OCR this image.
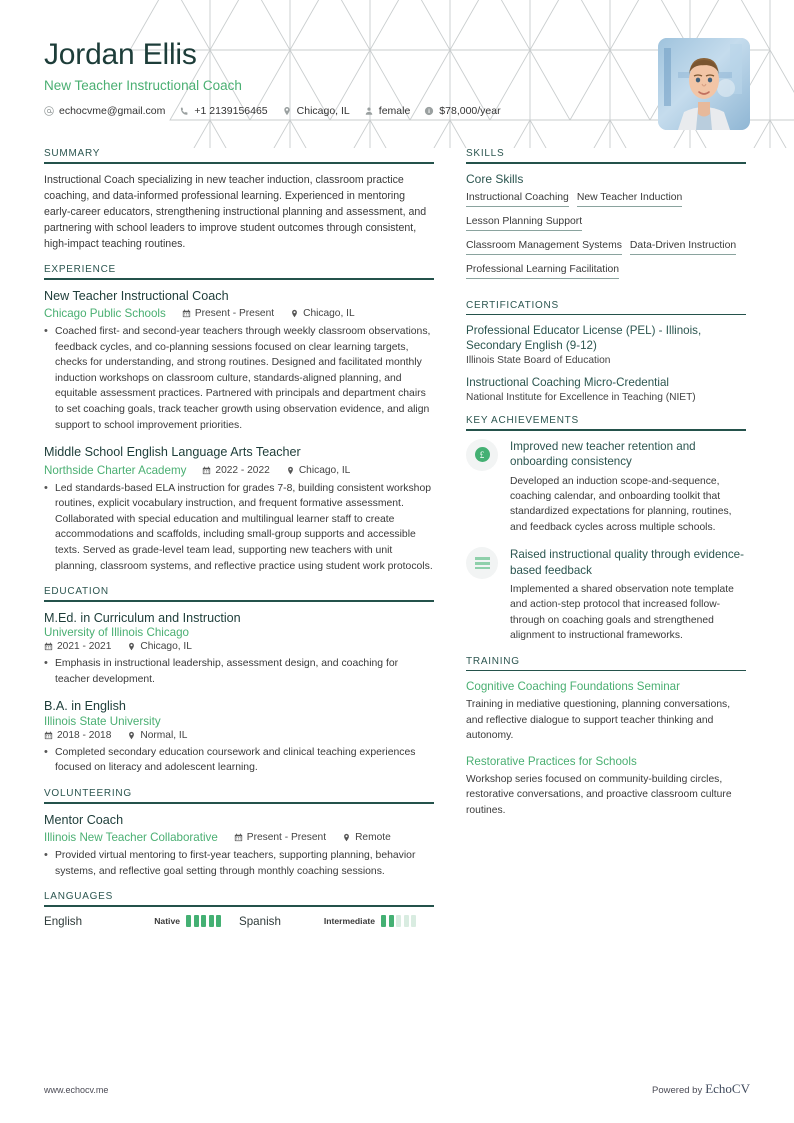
Jordan Ellis
New Teacher Instructional Coach
echocvme@gmail.com	+1 2139156465	Chicago, IL	female	$78,000/year
SUMMARY
Instructional Coach specializing in new teacher induction, classroom practice coaching, and data-informed professional learning. Experienced in mentoring early-career educators, strengthening instructional planning and assessment, and partnering with school leaders to improve student outcomes through consistent, high-impact teaching routines.
EXPERIENCE
New Teacher Instructional Coach
Chicago Public Schools	Present - Present	Chicago, IL
• Coached first- and second-year teachers through weekly classroom observations, feedback cycles, and co-planning sessions focused on clear learning targets, checks for understanding, and strong routines. Designed and facilitated monthly induction workshops on classroom culture, standards-aligned planning, and equitable assessment practices. Partnered with principals and department chairs to set coaching goals, track teacher growth using observation evidence, and align support to school improvement priorities.
Middle School English Language Arts Teacher
Northside Charter Academy	2022 - 2022	Chicago, IL
• Led standards-based ELA instruction for grades 7-8, building consistent workshop routines, explicit vocabulary instruction, and frequent formative assessment. Collaborated with special education and multilingual learner staff to create accommodations and scaffolds, including small-group supports and accessible texts. Served as grade-level team lead, supporting new teachers with unit planning, classroom systems, and reflective practice using student work protocols.
EDUCATION
M.Ed. in Curriculum and Instruction
University of Illinois Chicago
2021 - 2021	Chicago, IL
• Emphasis in instructional leadership, assessment design, and coaching for teacher development.
B.A. in English
Illinois State University
2018 - 2018	Normal, IL
• Completed secondary education coursework and clinical teaching experiences focused on literacy and adolescent learning.
VOLUNTEERING
Mentor Coach
Illinois New Teacher Collaborative	Present - Present	Remote
• Provided virtual mentoring to first-year teachers, supporting planning, behavior systems, and reflective goal setting through monthly coaching sessions.
LANGUAGES
English	Native	Spanish	Intermediate
SKILLS
Core Skills
Instructional Coaching New Teacher Induction
Lesson Planning Support
Classroom Management Systems Data-Driven Instruction
Professional Learning Facilitation
CERTIFICATIONS
Professional Educator License (PEL) - Illinois, Secondary English (9-12)
Illinois State Board of Education
Instructional Coaching Micro-Credential
National Institute for Excellence in Teaching (NIET)
KEY ACHIEVEMENTS
£
Improved new teacher retention and onboarding consistency
Developed an induction scope-and-sequence, coaching calendar, and onboarding toolkit that standardized expectations for planning, routines, and feedback cycles across multiple schools.
Raised instructional quality through evidence-based feedback
Implemented a shared observation note template and action-step protocol that increased follow-through on coaching goals and strengthened alignment to instructional frameworks.
TRAINING
Cognitive Coaching Foundations Seminar
Training in mediative questioning, planning conversations, and reflective dialogue to support teacher thinking and autonomy.
Restorative Practices for Schools
Workshop series focused on community-building circles, restorative conversations, and proactive classroom culture routines.
www.echocv.me	Powered by EchoCV
